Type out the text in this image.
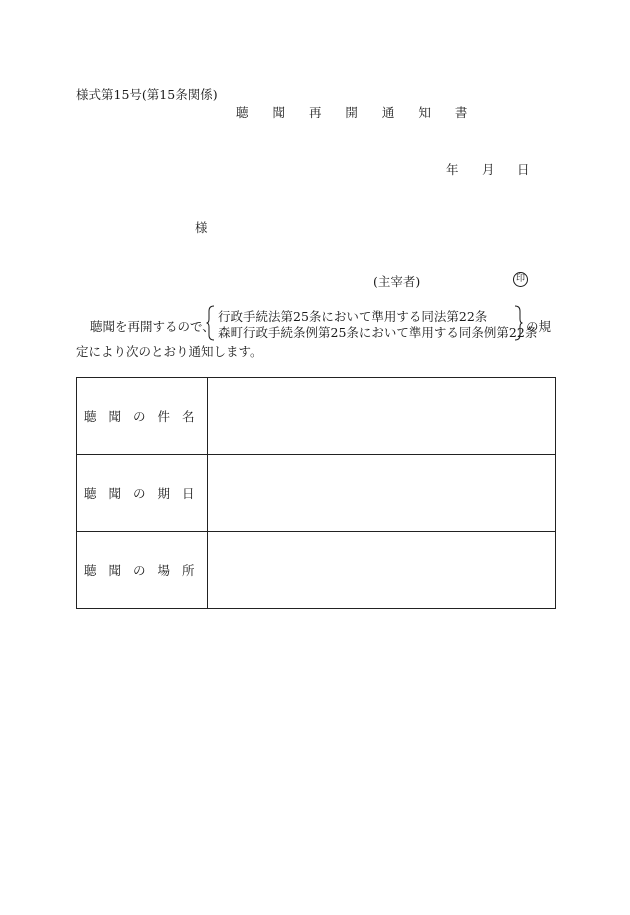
様式第15号(第15条関係)
聴 聞 再 開 通 知 書
年 月 日
様
(主宰者)	印
聴聞を再開するので、
行政手続法第25条において準用する同法第22条
森町行政手続条例第25条において準用する同条例第22条
の規
定により次のとおり通知します。
聴聞の件名	
聴聞の期日	
聴聞の場所	
